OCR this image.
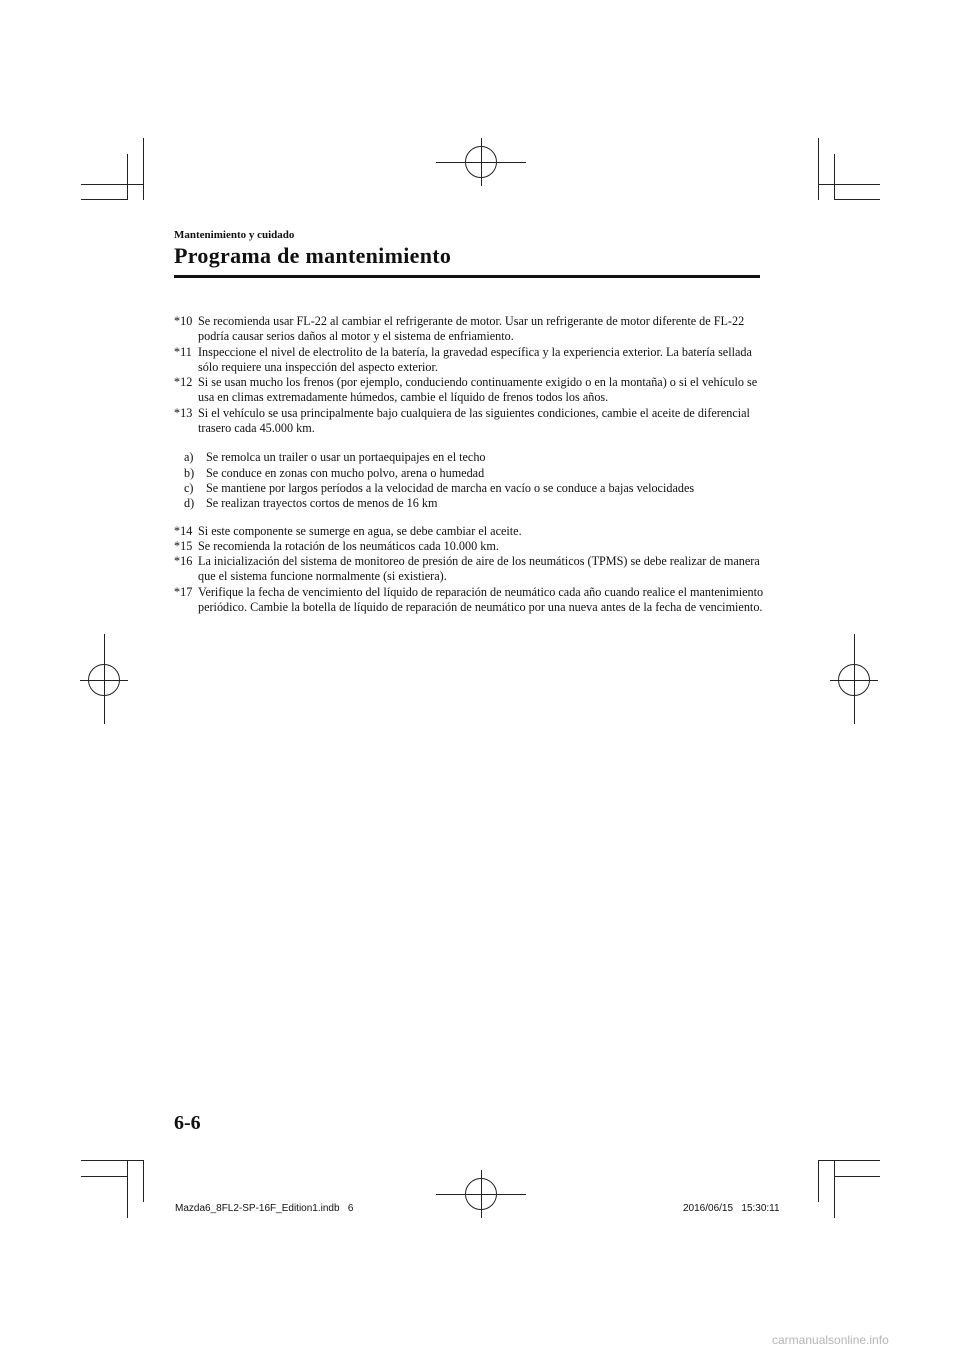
Mantenimiento y cuidado
Programa de mantenimiento
*10 Se recomienda usar FL-22 al cambiar el refrigerante de motor. Usar un refrigerante de motor diferente de FL-22 podría causar serios daños al motor y el sistema de enfriamiento.
*11 Inspeccione el nivel de electrolito de la batería, la gravedad específica y la experiencia exterior. La batería sellada sólo requiere una inspección del aspecto exterior.
*12 Si se usan mucho los frenos (por ejemplo, conduciendo continuamente exigido o en la montaña) o si el vehículo se usa en climas extremadamente húmedos, cambie el líquido de frenos todos los años.
*13 Si el vehículo se usa principalmente bajo cualquiera de las siguientes condiciones, cambie el aceite de diferencial trasero cada 45.000 km.
a) Se remolca un trailer o usar un portaequipajes en el techo
b) Se conduce en zonas con mucho polvo, arena o humedad
c) Se mantiene por largos períodos a la velocidad de marcha en vacío o se conduce a bajas velocidades
d) Se realizan trayectos cortos de menos de 16 km
*14 Si este componente se sumerge en agua, se debe cambiar el aceite.
*15 Se recomienda la rotación de los neumáticos cada 10.000 km.
*16 La inicialización del sistema de monitoreo de presión de aire de los neumáticos (TPMS) se debe realizar de manera que el sistema funcione normalmente (si existiera).
*17 Verifique la fecha de vencimiento del líquido de reparación de neumático cada año cuando realice el mantenimiento periódico. Cambie la botella de líquido de reparación de neumático por una nueva antes de la fecha de vencimiento.
6-6
Mazda6_8FL2-SP-16F_Edition1.indb   6	2016/06/15   15:30:11
carmanualsonline.info
